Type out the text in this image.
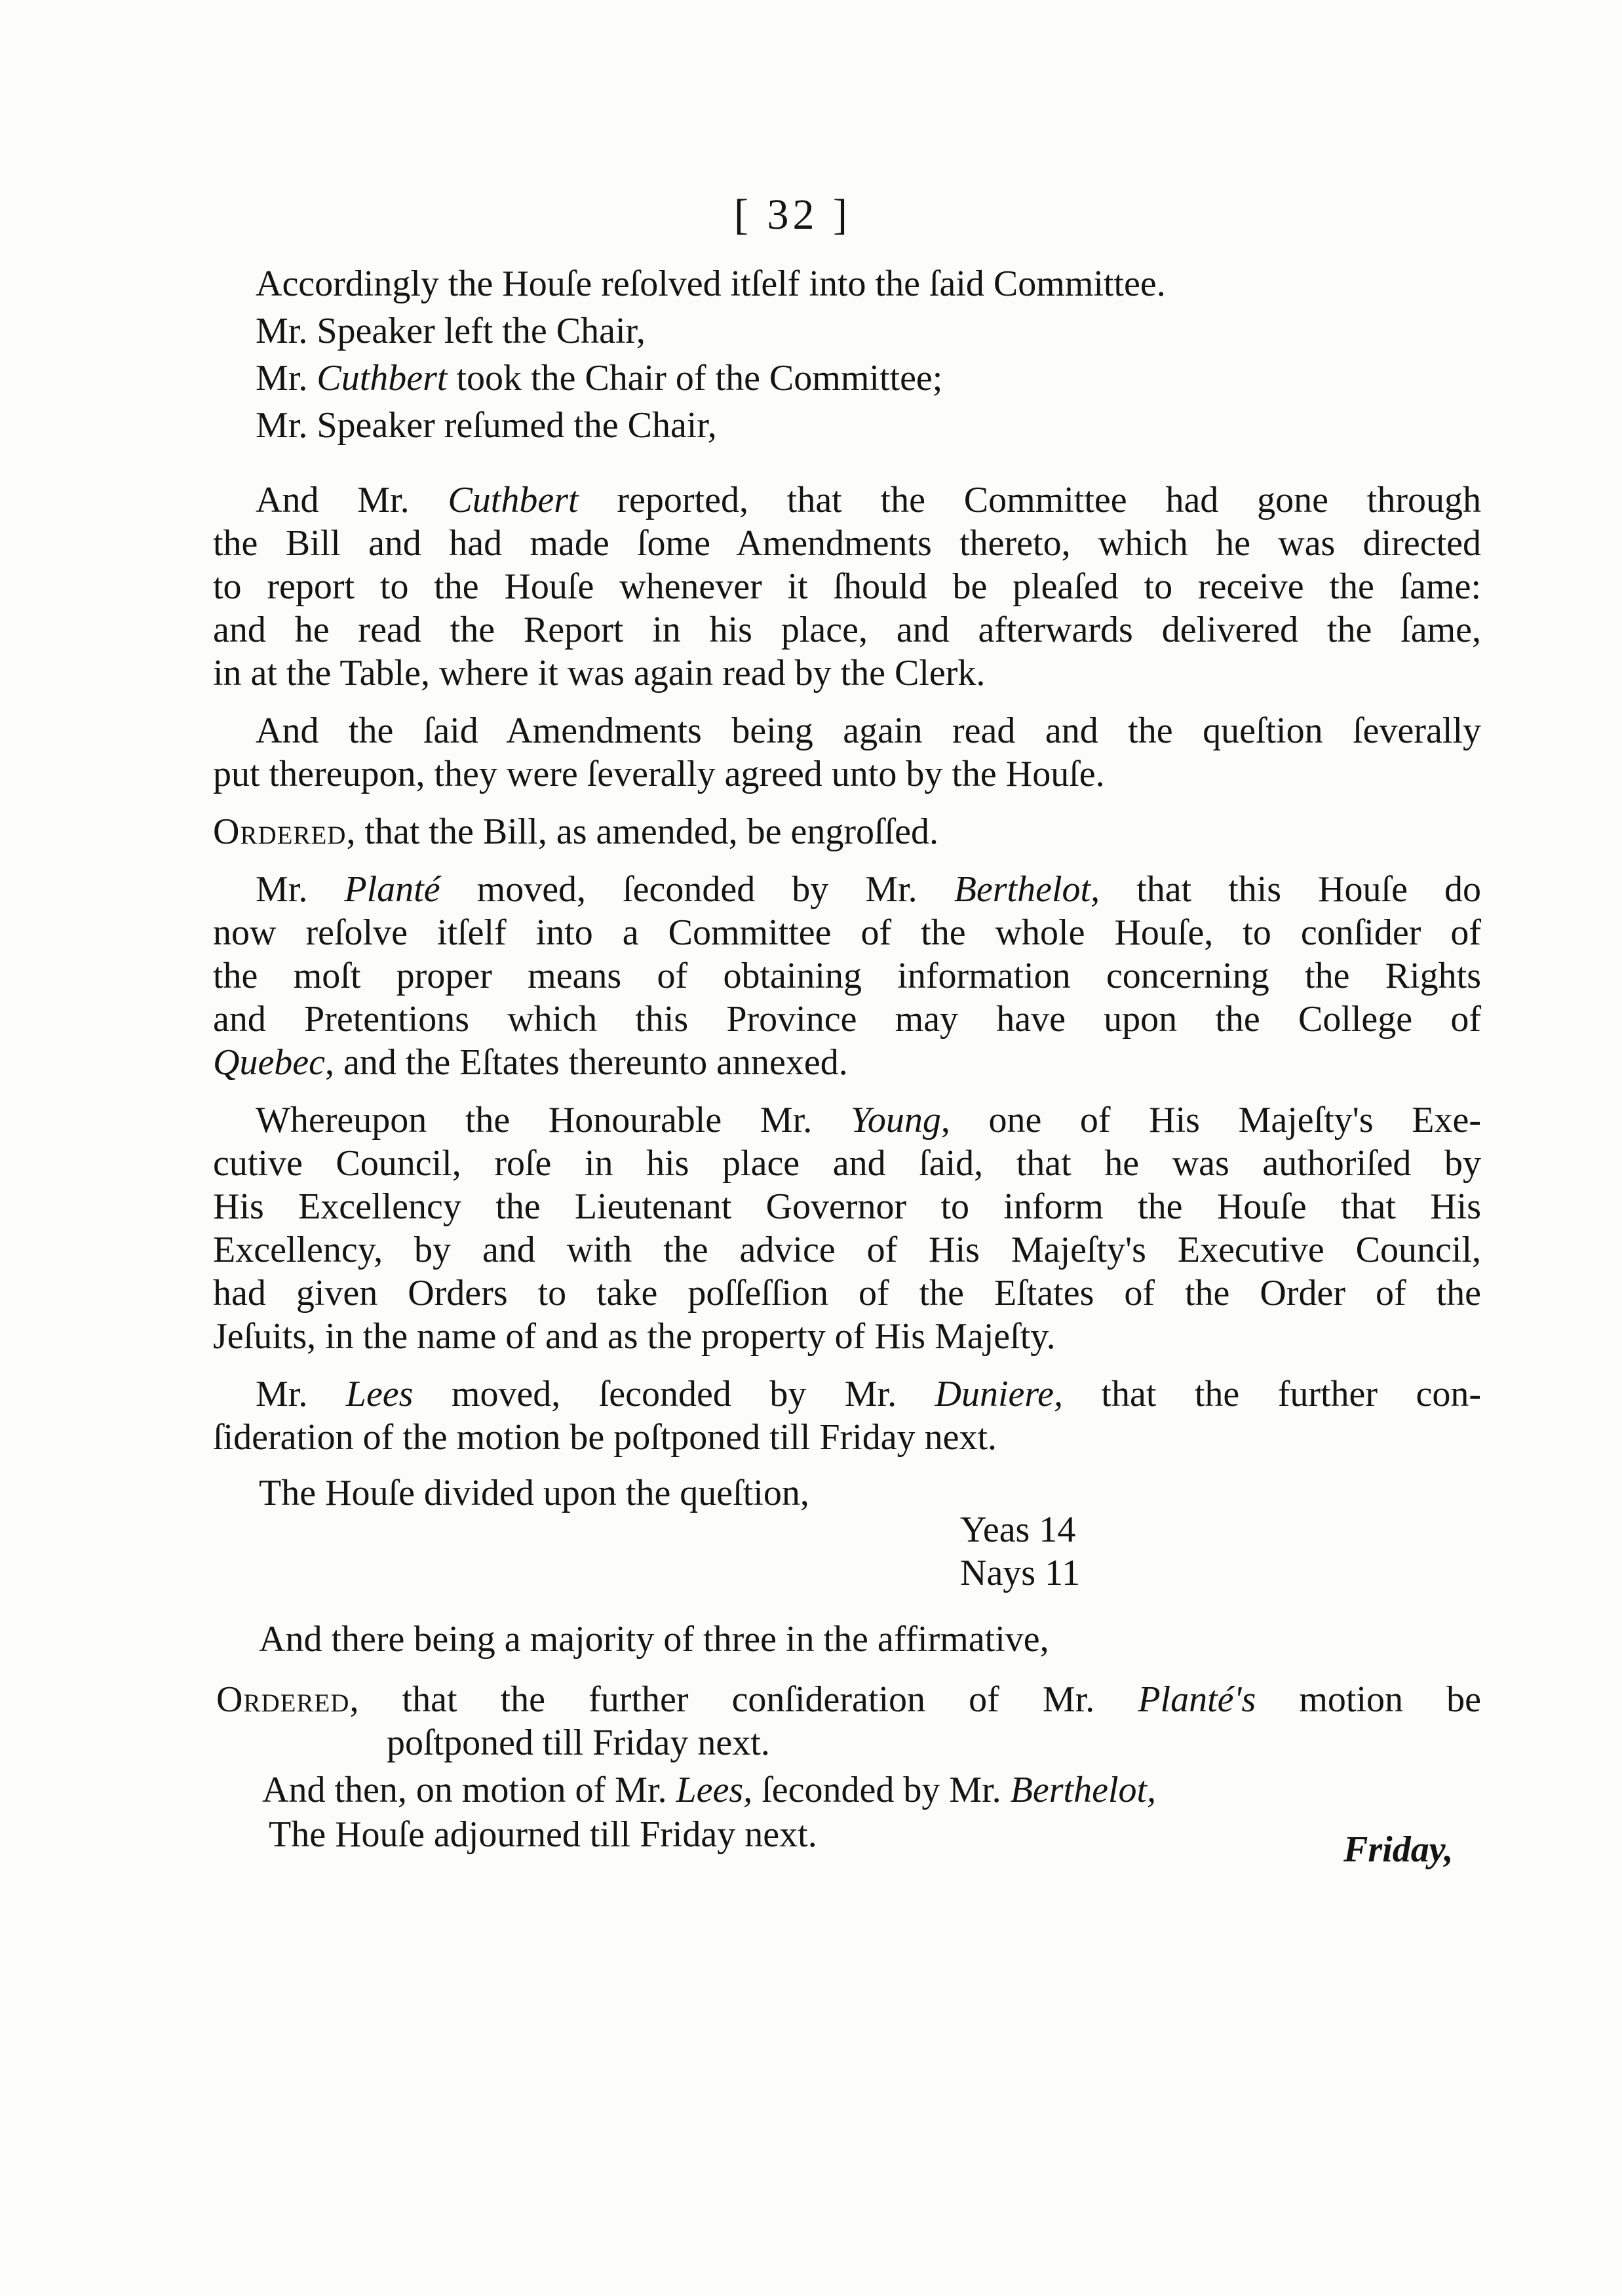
[ 32 ]
Accordingly the Houſe reſolved itſelf into the ſaid Committee.
Mr. Speaker left the Chair,
Mr. Cuthbert took the Chair of the Committee;
Mr. Speaker reſumed the Chair,
And Mr. Cuthbert reported, that the Committee had gone through
the Bill and had made ſome Amendments thereto, which he was directed
to report to the Houſe whenever it ſhould be pleaſed to receive the ſame:
and he read the Report in his place, and afterwards delivered the ſame,
in at the Table, where it was again read by the Clerk.
And the ſaid Amendments being again read and the queſtion ſeverally
put thereupon, they were ſeverally agreed unto by the Houſe.
Ordered, that the Bill, as amended, be engroſſed.
Mr. Planté moved, ſeconded by Mr. Berthelot, that this Houſe do
now reſolve itſelf into a Committee of the whole Houſe, to conſider of
the moſt proper means of obtaining information concerning the Rights
and Pretentions which this Province may have upon the College of
Quebec, and the Eſtates thereunto annexed.
Whereupon the Honourable Mr. Young, one of His Majeſty's Exe-
cutive Council, roſe in his place and ſaid, that he was authoriſed by
His Excellency the Lieutenant Governor to inform the Houſe that His
Excellency, by and with the advice of His Majeſty's Executive Council,
had given Orders to take poſſeſſion of the Eſtates of the Order of the
Jeſuits, in the name of and as the property of His Majeſty.
Mr. Lees moved, ſeconded by Mr. Duniere, that the further con-
ſideration of the motion be poſtponed till Friday next.
The Houſe divided upon the queſtion,
Yeas 14
Nays 11
And there being a majority of three in the affirmative,
Ordered, that the further conſideration of Mr. Planté's motion be
poſtponed till Friday next.
And then, on motion of Mr. Lees, ſeconded by Mr. Berthelot,
The Houſe adjourned till Friday next.	Friday,
